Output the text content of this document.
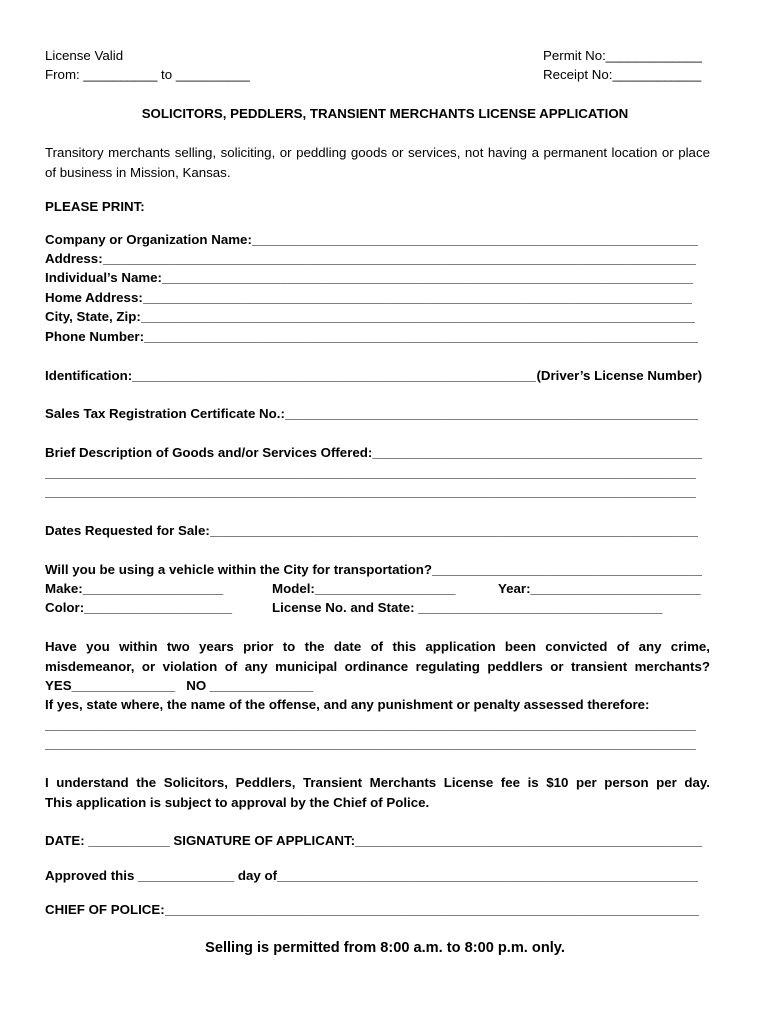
License Valid
From: __________ to __________
Permit No:_____________
Receipt No:____________
SOLICITORS, PEDDLERS, TRANSIENT MERCHANTS LICENSE APPLICATION
Transitory merchants selling, soliciting, or peddling goods or services, not having a permanent location or place of business in Mission, Kansas.
PLEASE PRINT:
Company or Organization Name:
_____
Address:
_____
Individual’s Name:
_____
Home Address:
_____
City, State, Zip:
_____
Phone Number:
_____
Identification:
_____	(Driver’s License Number)
Sales Tax Registration Certificate No.:
_____
Brief Description of Goods and/or Services Offered:
_____
_____
_____
Dates Requested for Sale:
_____
Will you be using a vehicle within the City for transportation?
_____
Make:___________________	Model:___________________	Year:_______________________
Color:____________________	License No. and State: _________________________________
Have you within two years prior to the date of this application been convicted of any crime, misdemeanor, or violation of any municipal ordinance regulating peddlers or transient merchants?
YES______________   NO ______________
If yes, state where, the name of the offense, and any punishment or penalty assessed therefore:
_____
_____
I understand the Solicitors, Peddlers, Transient Merchants License fee is $10 per person per day.
This application is subject to approval by the Chief of Police.
DATE: ___________ SIGNATURE OF APPLICANT:
_____
Approved this _____________ day of
_____
CHIEF OF POLICE:
_____
Selling is permitted from 8:00 a.m. to 8:00 p.m. only.
